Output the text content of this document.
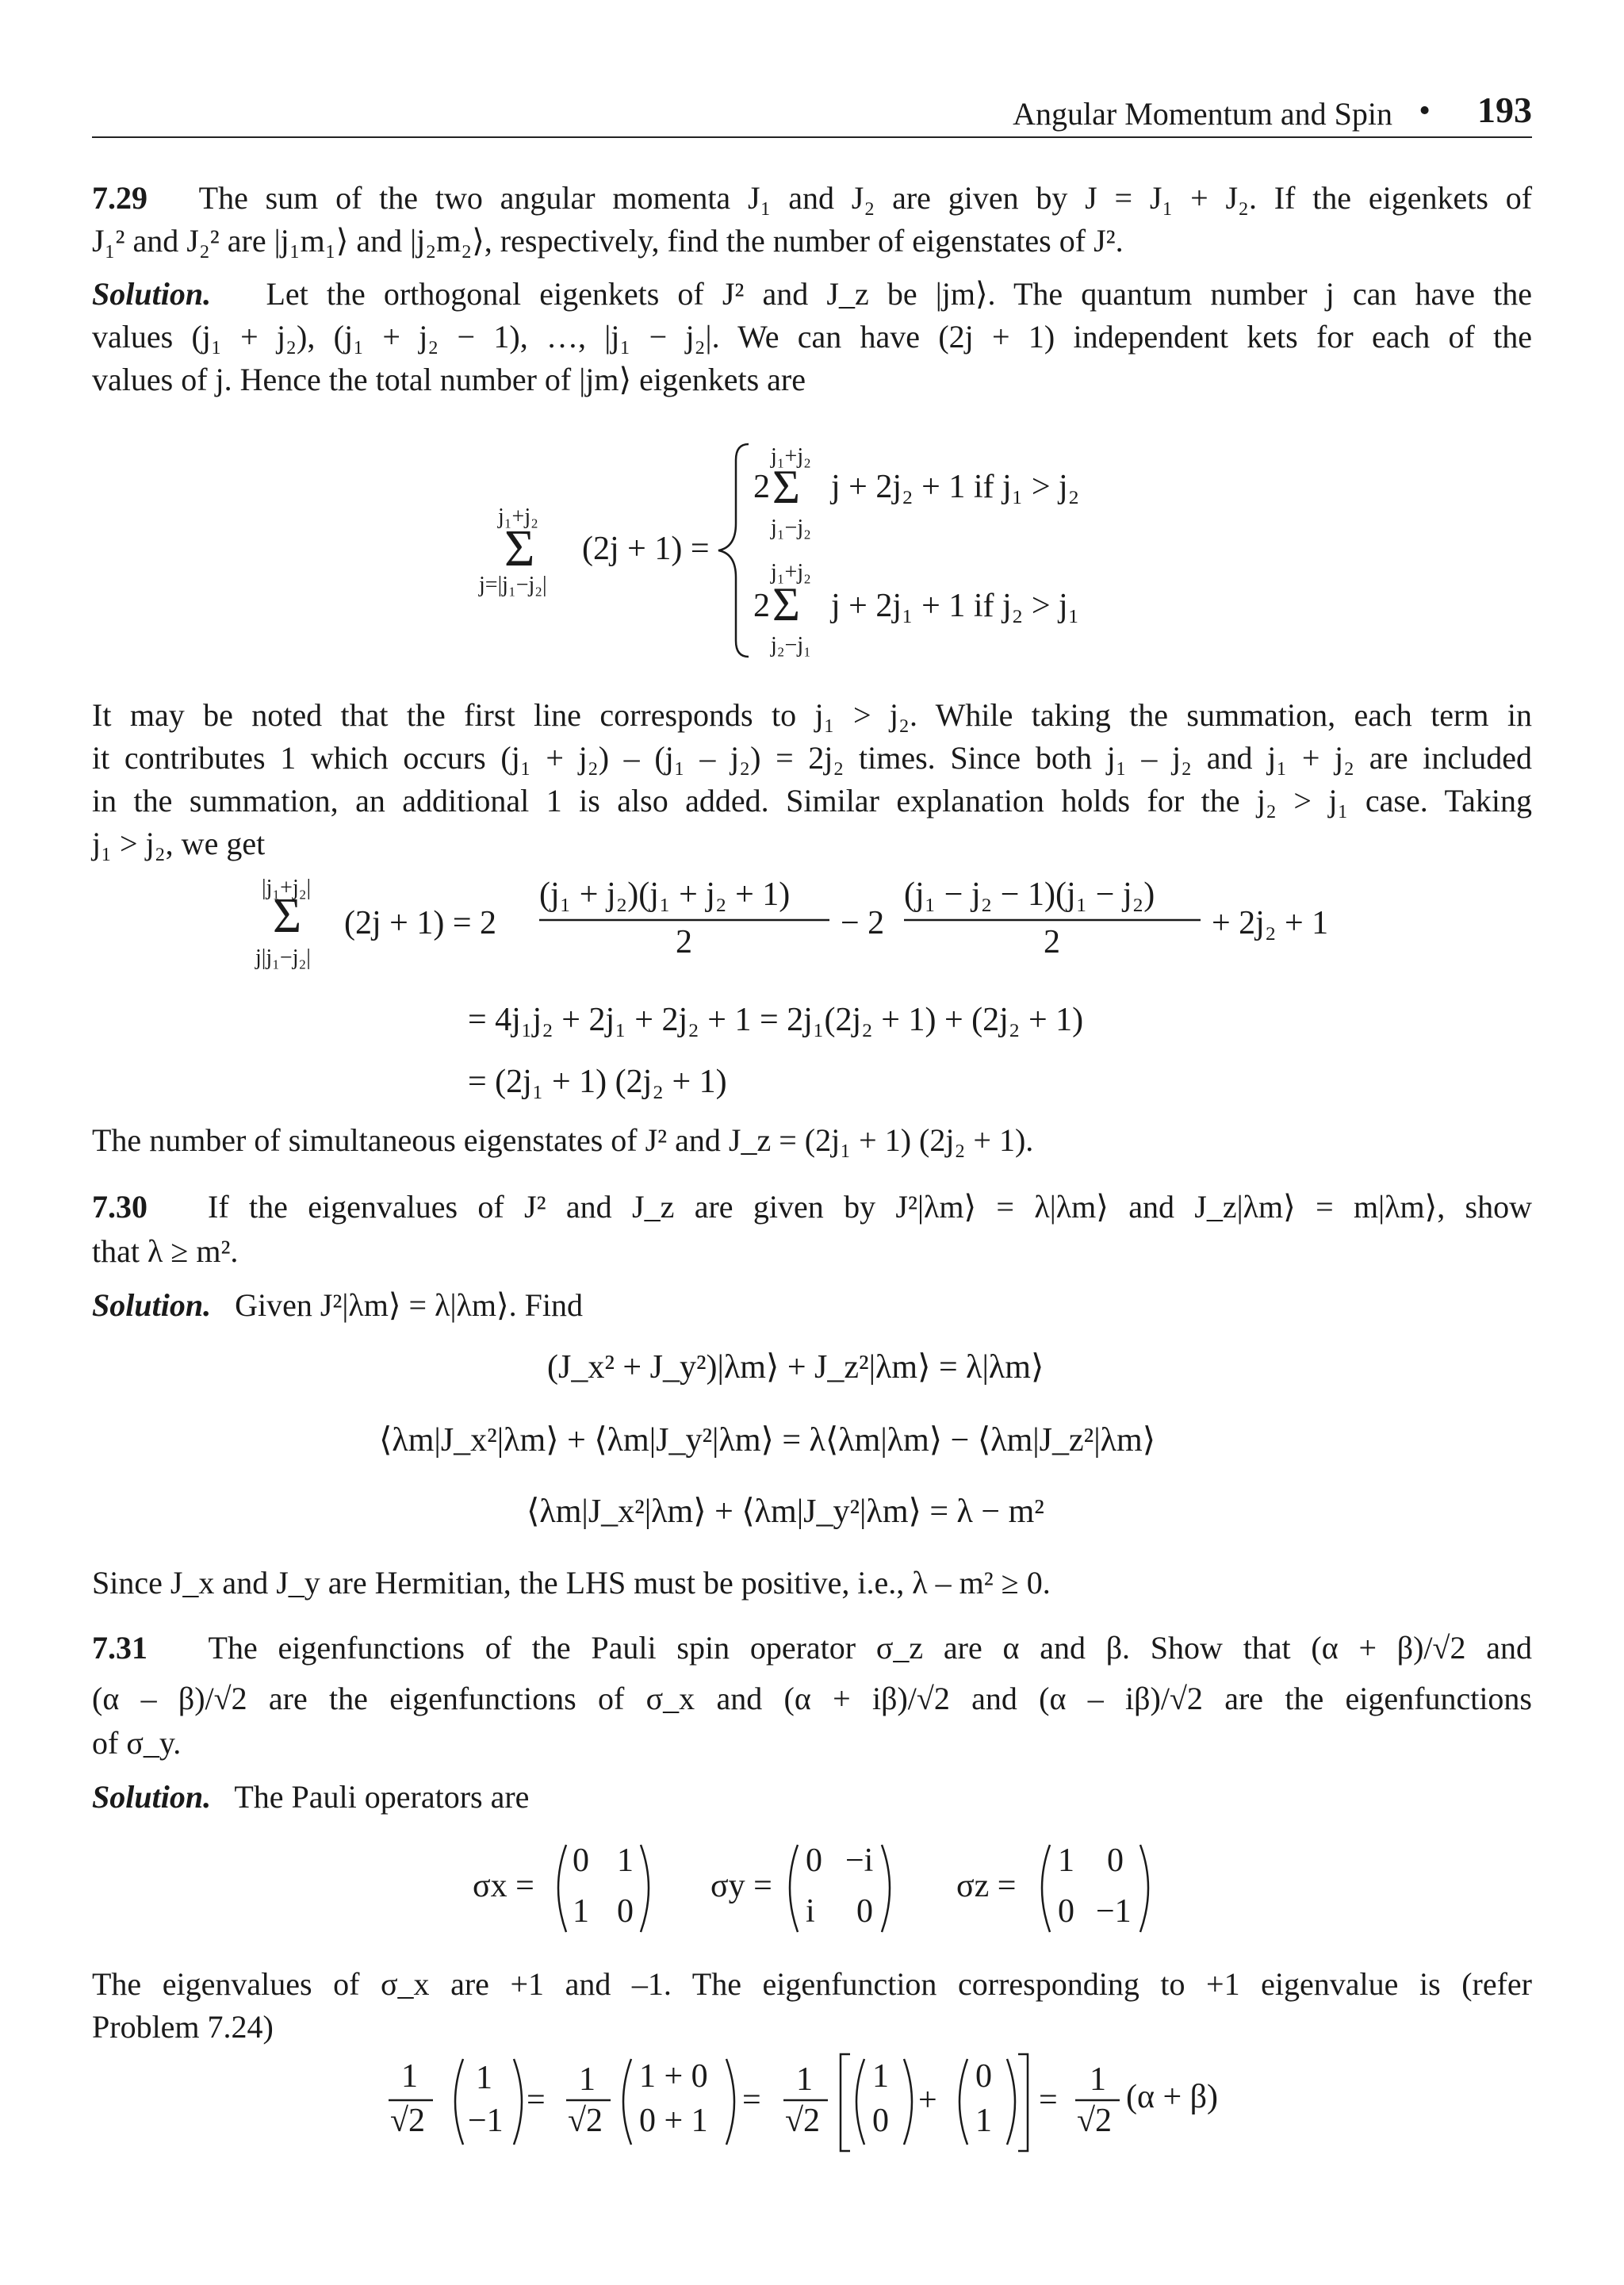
Angular Momentum and Spin • 193
7.29 The sum of the two angular momenta J₁ and J₂ are given by J = J₁ + J₂. If the eigenkets of
J₁² and J₂² are |j₁m₁⟩ and |j₂m₂⟩, respectively, find the number of eigenstates of J².
Solution. Let the orthogonal eigenkets of J² and J_z be |jm⟩. The quantum number j can have the
values (j₁ + j₂), (j₁ + j₂ − 1), …, |j₁ − j₂|. We can have (2j + 1) independent kets for each of the
values of j. Hence the total number of |jm⟩ eigenkets are
j₁+j₂
Σ
j=|j₁−j₂|
(2j + 1) =
j₁+j₂
2 Σ
j₁−j₂
j + 2j₂ + 1 if j₁ > j₂
j₁+j₂
2 Σ
j₂−j₁
j + 2j₁ + 1 if j₂ > j₁
It may be noted that the first line corresponds to j₁ > j₂. While taking the summation, each term in
it contributes 1 which occurs (j₁ + j₂) – (j₁ – j₂) = 2j₂ times. Since both j₁ – j₂ and j₁ + j₂ are included
in the summation, an additional 1 is also added. Similar explanation holds for the j₂ > j₁ case. Taking
j₁ > j₂, we get
|j₁+j₂|
Σ
j|j₁−j₂|
(2j + 1) = 2
(j₁ + j₂)(j₁ + j₂ + 1)
2
− 2
(j₁ − j₂ − 1)(j₁ − j₂)
2
+ 2j₂ + 1
= 4j₁j₂ + 2j₁ + 2j₂ + 1 = 2j₁(2j₂ + 1) + (2j₂ + 1)
= (2j₁ + 1) (2j₂ + 1)
The number of simultaneous eigenstates of J² and J_z = (2j₁ + 1) (2j₂ + 1).
7.30 If the eigenvalues of J² and J_z are given by J²|λm⟩ = λ|λm⟩ and J_z|λm⟩ = m|λm⟩, show
that λ ≥ m².
Solution. Given J²|λm⟩ = λ|λm⟩. Find
(J_x² + J_y²)|λm⟩ + J_z²|λm⟩ = λ|λm⟩
⟨λm|J_x²|λm⟩ + ⟨λm|J_y²|λm⟩ = λ⟨λm|λm⟩ − ⟨λm|J_z²|λm⟩
⟨λm|J_x²|λm⟩ + ⟨λm|J_y²|λm⟩ = λ − m²
Since J_x and J_y are Hermitian, the LHS must be positive, i.e., λ – m² ≥ 0.
7.31 The eigenfunctions of the Pauli spin operator σ_z are α and β. Show that (α + β)/√2 and
(α – β)/√2 are the eigenfunctions of σ_x and (α + iβ)/√2 and (α – iβ)/√2 are the eigenfunctions
of σ_y.
Solution. The Pauli operators are
σx =
0 1
1 0
σy =
0 −i
i 0
σz =
1 0
0 −1
The eigenvalues of σ_x are +1 and –1. The eigenfunction corresponding to +1 eigenvalue is (refer
Problem 7.24)
1
√2
1
−1
=
1
√2
1 + 0
0 + 1
=
1
√2
1
0
+
0
1
=
1
√2
(α + β)
